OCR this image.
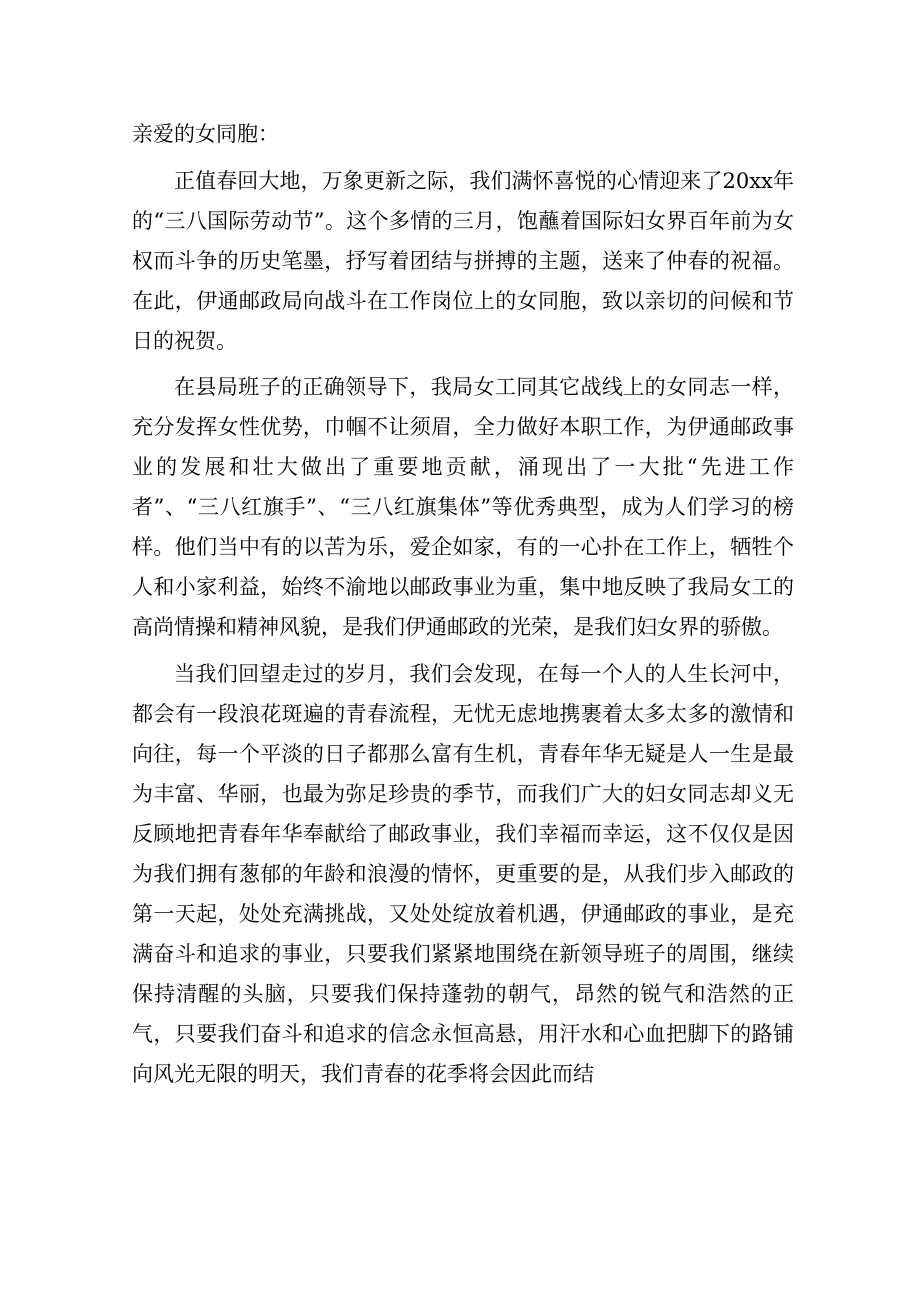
亲爱的女同胞：

正值春回大地，万象更新之际，我们满怀喜悦的心情迎来了20xx年的“三八国际劳动节”。这个多情的三月，饱蘸着国际妇女界百年前为女权而斗争的历史笔墨，抒写着团结与拼搏的主题，送来了仲春的祝福。在此，伊通邮政局向战斗在工作岗位上的女同胞，致以亲切的问候和节日的祝贺。

在县局班子的正确领导下，我局女工同其它战线上的女同志一样，充分发挥女性优势，巾帼不让须眉，全力做好本职工作，为伊通邮政事业的发展和壮大做出了重要地贡献，涌现出了一大批“先进工作者”、“三八红旗手”、“三八红旗集体”等优秀典型，成为人们学习的榜样。他们当中有的以苦为乐，爱企如家，有的一心扑在工作上，牺牲个人和小家利益，始终不渝地以邮政事业为重，集中地反映了我局女工的高尚情操和精神风貌，是我们伊通邮政的光荣，是我们妇女界的骄傲。

当我们回望走过的岁月，我们会发现，在每一个人的人生长河中，都会有一段浪花斑遍的青春流程，无忧无虑地携裹着太多太多的激情和向往，每一个平淡的日子都那么富有生机，青春年华无疑是人一生是最为丰富、华丽，也最为弥足珍贵的季节，而我们广大的妇女同志却义无反顾地把青春年华奉献给了邮政事业，我们幸福而幸运，这不仅仅是因为我们拥有葱郁的年龄和浪漫的情怀，更重要的是，从我们步入邮政的第一天起，处处充满挑战，又处处绽放着机遇，伊通邮政的事业，是充满奋斗和追求的事业，只要我们紧紧地围绕在新领导班子的周围，继续保持清醒的头脑，只要我们保持蓬勃的朝气，昂然的锐气和浩然的正气，只要我们奋斗和追求的信念永恒高悬，用汗水和心血把脚下的路铺向风光无限的明天，我们青春的花季将会因此而结
